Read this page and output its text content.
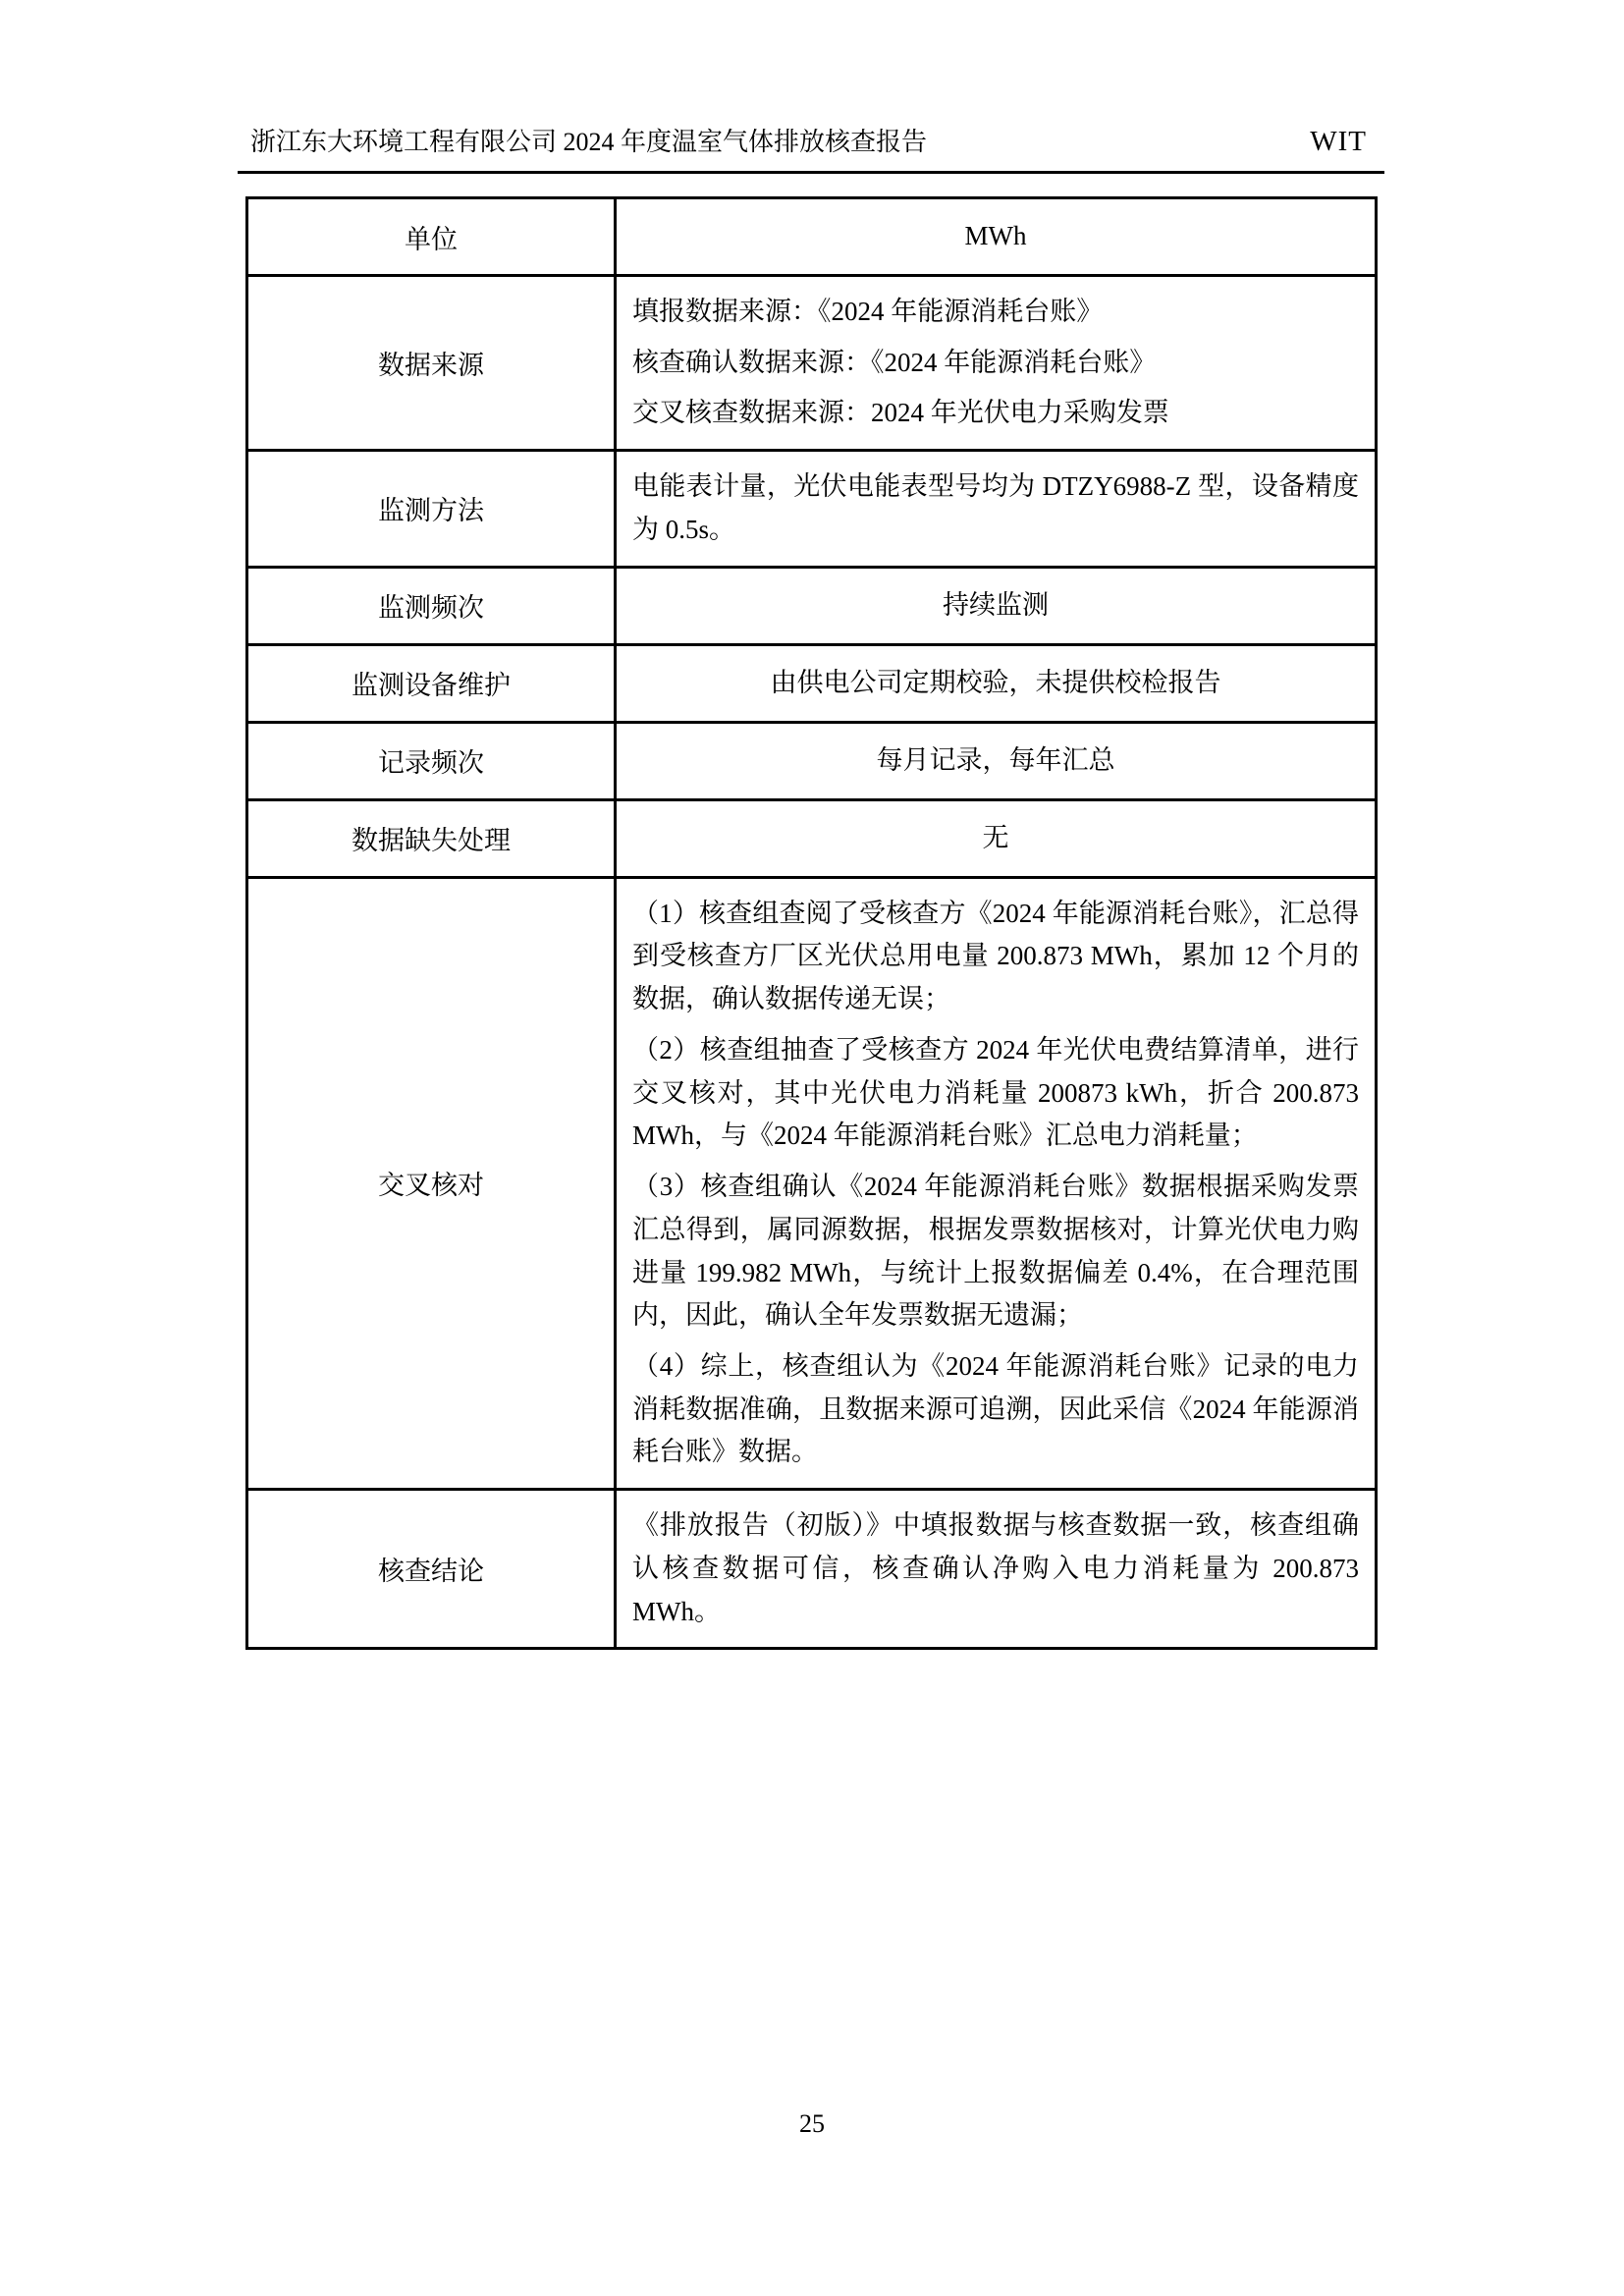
浙江东大环境工程有限公司 2024 年度温室气体排放核查报告	WIT
单位	MWh

数据来源	填报数据来源：《2024 年能源消耗台账》

核查确认数据来源：《2024 年能源消耗台账》

交叉核查数据来源：2024 年光伏电力采购发票

监测方法	电能表计量，光伏电能表型号均为 DTZY6988-Z 型，设备精度为 0.5s。

监测频次	持续监测

监测设备维护	由供电公司定期校验，未提供校检报告

记录频次	每月记录，每年汇总

数据缺失处理	无

交叉核对	（1）核查组查阅了受核查方《2024 年能源消耗台账》，汇总得到受核查方厂区光伏总用电量 200.873 MWh，累加 12 个月的数据，确认数据传递无误；

（2）核查组抽查了受核查方 2024 年光伏电费结算清单，进行交叉核对，其中光伏电力消耗量 200873 kWh，折合 200.873 MWh，与《2024 年能源消耗台账》汇总电力消耗量；

（3）核查组确认《2024 年能源消耗台账》数据根据采购发票汇总得到，属同源数据，根据发票数据核对，计算光伏电力购进量 199.982 MWh，与统计上报数据偏差 0.4%，在合理范围内，因此，确认全年发票数据无遗漏；

（4）综上，核查组认为《2024 年能源消耗台账》记录的电力消耗数据准确，且数据来源可追溯，因此采信《2024 年能源消耗台账》数据。

核查结论	《排放报告（初版）》中填报数据与核查数据一致，核查组确认核查数据可信，核查确认净购入电力消耗量为 200.873 MWh。

25
